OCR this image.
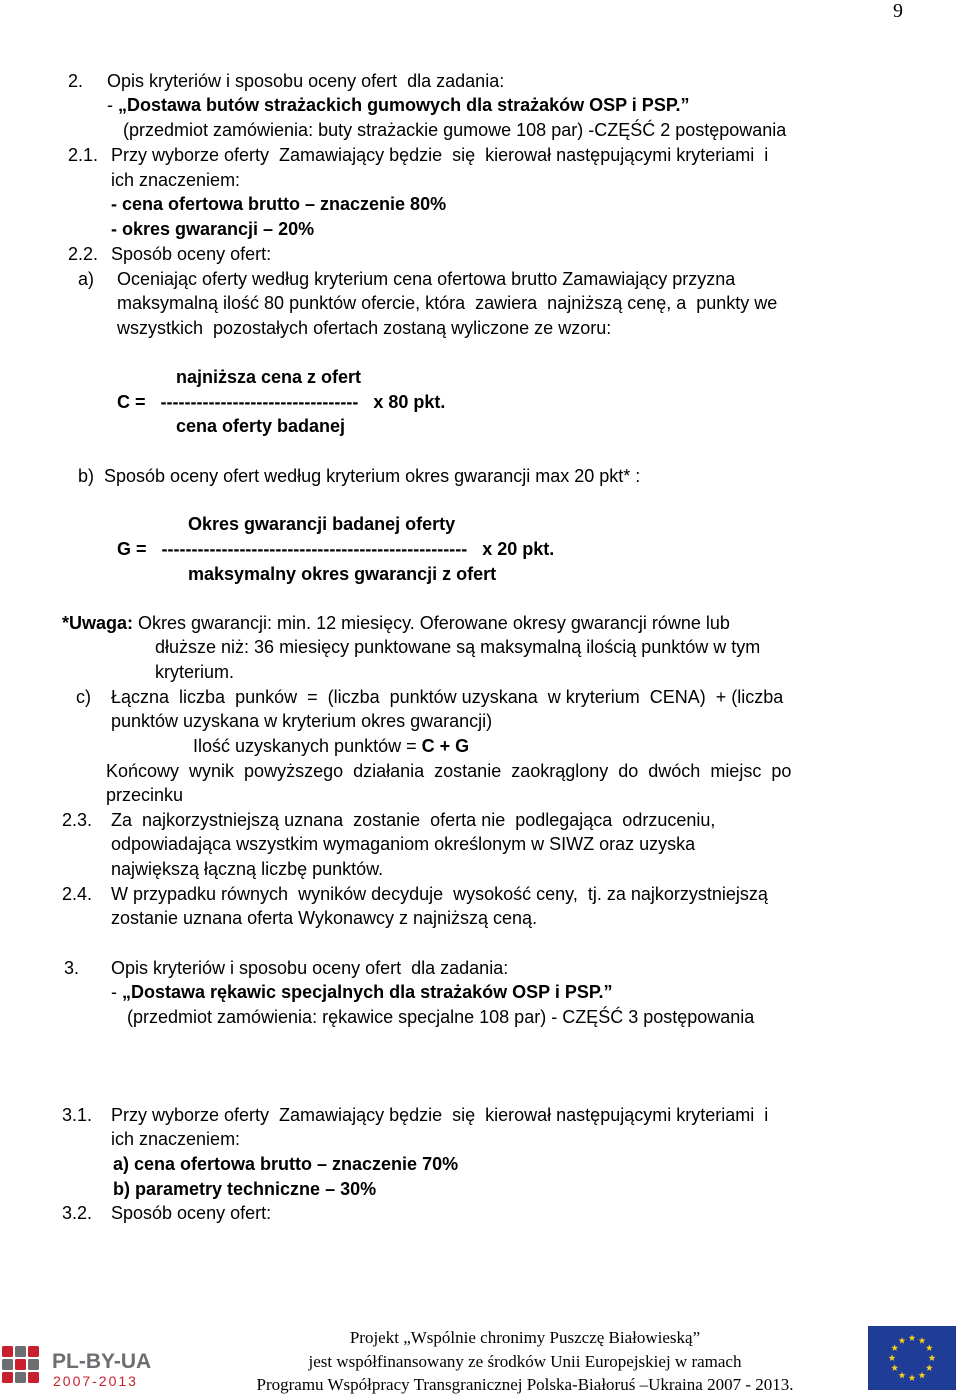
9
2. Opis kryteriów i sposobu oceny ofert  dla zadania:
- „Dostawa butów strażackich gumowych dla strażaków OSP i PSP.”
(przedmiot zamówienia: buty strażackie gumowe 108 par) -CZĘŚĆ 2 postępowania
2.1. Przy wyborze oferty  Zamawiający będzie  się  kierował następującymi kryteriami  i
ich znaczeniem:
- cena ofertowa brutto – znaczenie 80%
- okres gwarancji – 20%
2.2. Sposób oceny ofert:
a) Oceniając oferty według kryterium cena ofertowa brutto Zamawiający przyzna
maksymalną ilość 80 punktów ofercie, która  zawiera  najniższą cenę, a  punkty we
wszystkich  pozostałych ofertach zostaną wyliczone ze wzoru:
najniższa cena z ofert
C =   ---------------------------------   x 80 pkt.
cena oferty badanej
b)  Sposób oceny ofert według kryterium okres gwarancji max 20 pkt* :
Okres gwarancji badanej oferty
G =   ---------------------------------------------------   x 20 pkt.
maksymalny okres gwarancji z ofert
*Uwaga: Okres gwarancji: min. 12 miesięcy. Oferowane okresy gwarancji równe lub
dłuższe niż: 36 miesięcy punktowane są maksymalną ilością punktów w tym
kryterium.
c) Łączna  liczba  punków  =  (liczba  punktów uzyskana  w kryterium  CENA)  + (liczba
punktów uzyskana w kryterium okres gwarancji)
Ilość uzyskanych punktów = C + G
Końcowy  wynik  powyższego  działania  zostanie  zaokrąglony  do  dwóch  miejsc  po
przecinku
2.3. Za  najkorzystniejszą uznana  zostanie  oferta nie  podlegająca  odrzuceniu,
odpowiadająca wszystkim wymaganiom określonym w SIWZ oraz uzyska
największą łączną liczbę punktów.
2.4. W przypadku równych  wyników decyduje  wysokość ceny,  tj. za najkorzystniejszą
zostanie uznana oferta Wykonawcy z najniższą ceną.
3. Opis kryteriów i sposobu oceny ofert  dla zadania:
- „Dostawa rękawic specjalnych dla strażaków OSP i PSP.”
(przedmiot zamówienia: rękawice specjalne 108 par) - CZĘŚĆ 3 postępowania
3.1. Przy wyborze oferty  Zamawiający będzie  się  kierował następującymi kryteriami  i
ich znaczeniem:
a) cena ofertowa brutto – znaczenie 70%
b) parametry techniczne – 30%
3.2. Sposób oceny ofert:
PL-BY-UA
2007-2013
Projekt „Wspólnie chronimy Puszczę Białowieską”
jest współfinansowany ze środków Unii Europejskiej w ramach
Programu Współpracy Transgranicznej Polska-Białoruś –Ukraina 2007 - 2013.
